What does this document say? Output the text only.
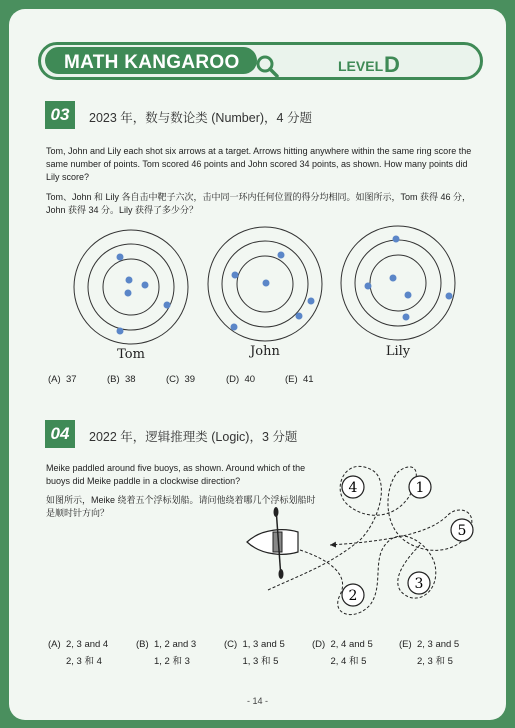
MATH KANGAROO	LEVEL D
03	2023 年，数与数论类 (Number)，4 分题
Tom, John and Lily each shot six arrows at a target. Arrows hitting anywhere within the same ring score the
same number of points. Tom scored 46 points and John scored 34 points, as shown. How many points did
Lily score?
Tom、John 和 Lily 各自击中靶子六次，击中同一环内任何位置的得分均相同。如图所示，Tom 获得 46 分，
John 获得 34 分。Lily 获得了多少分？
Tom	John	Lily
(A) 37	(B) 38	(C) 39	(D) 40	(E) 41
04	2022 年，逻辑推理类 (Logic)，3 分题
Meike paddled around five buoys, as shown. Around which of the
buoys did Meike paddle in a clockwise direction?
如图所示，Meike 绕着五个浮标划船。请问他绕着哪几个浮标划船时
是顺时针方向？
4	1
5
3
2
(A) 2, 3 and 4
2, 3 和 4
(B) 1, 2 and 3
1, 2 和 3
(C) 1, 3 and 5
1, 3 和 5
(D) 2, 4 and 5
2, 4 和 5
(E) 2, 3 and 5
2, 3 和 5
- 14 -
